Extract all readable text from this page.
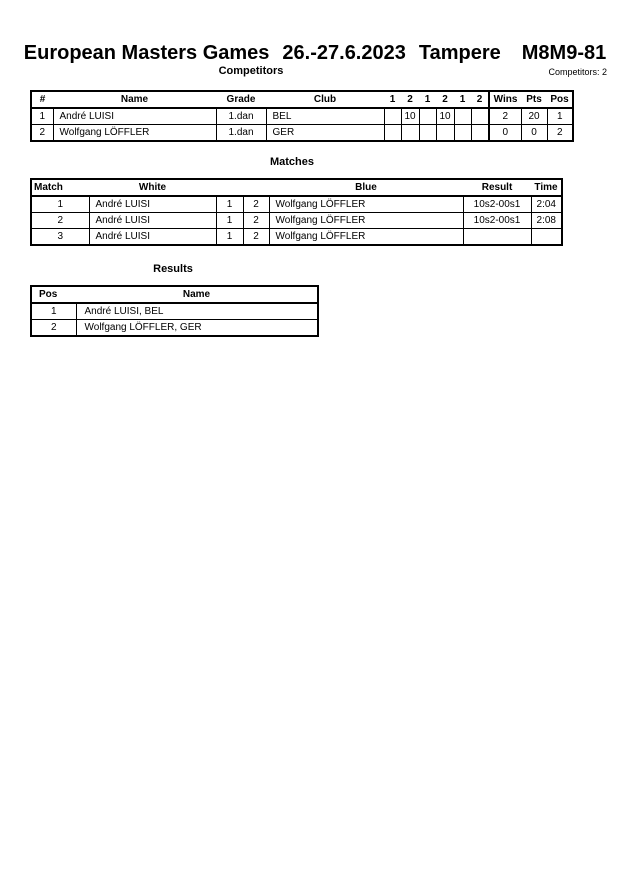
European Masters Games 26.-27.6.2023 Tampere M8M9-81
Competitors	Competitors: 2
#	Name	Grade	Club	1	2	1	2	1	2	Wins	Pts	Pos
1	André LUISI	1.dan	BEL		10		10			2	20	1
2	Wolfgang LÖFFLER	1.dan	GER							0	0	2
Matches
Match	White			Blue	Result	Time
1	André LUISI	1	2	Wolfgang LÖFFLER	10s2-00s1	2:04
2	André LUISI	1	2	Wolfgang LÖFFLER	10s2-00s1	2:08
3	André LUISI	1	2	Wolfgang LÖFFLER		
Results
Pos	Name
1	André LUISI, BEL
2	Wolfgang LÖFFLER, GER
